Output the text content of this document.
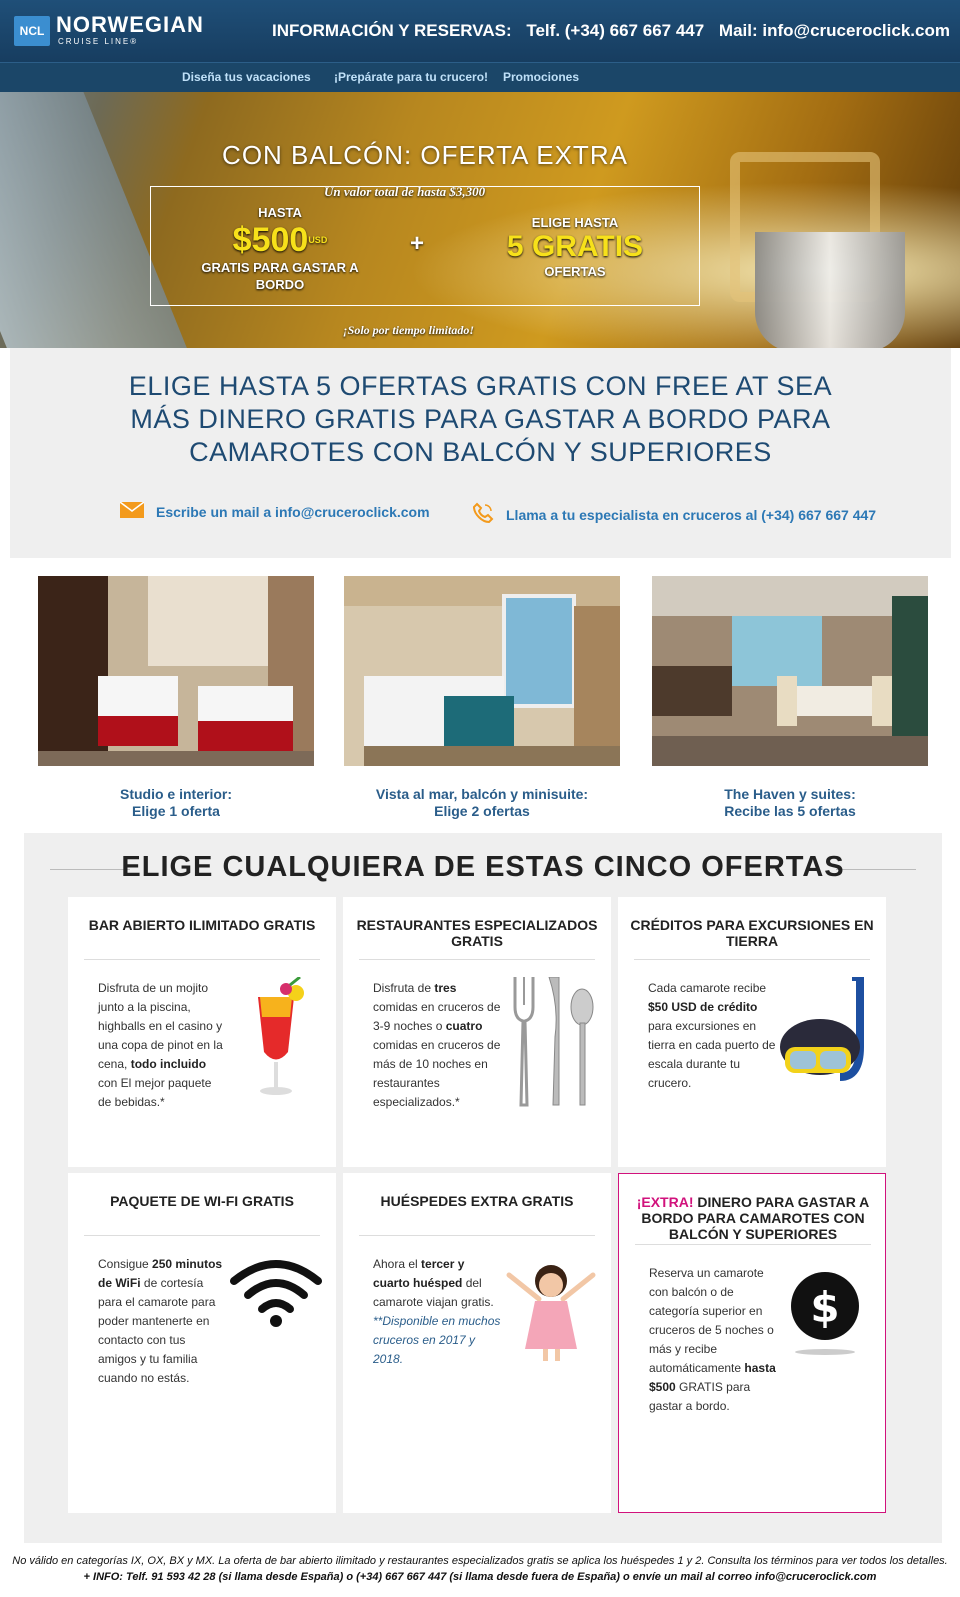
NCL NORWEGIAN
CRUISE LINE®
INFORMACIÓN Y RESERVAS: Telf. (+34) 667 667 447 Mail: info@cruceroclick.com
Diseña tus vacaciones ¡Prepárate para tu crucero! Promociones
CON BALCÓN: OFERTA EXTRA
Un valor total de hasta $3,300
HASTA
$\$500^{USD}$
GRATIS PARA GASTAR A BORDO
+
ELIGE HASTA
5 GRATIS
OFERTAS
¡Solo por tiempo limitado!
ELIGE HASTA 5 OFERTAS GRATIS CON FREE AT SEA
MÁS DINERO GRATIS PARA GASTAR A BORDO PARA
CAMAROTES CON BALCÓN Y SUPERIORES
Escribe un mail a info@cruceroclick.com	Llama a tu especialista en cruceros al (+34) 667 667 447
Studio e interior:
Elige 1 oferta
Vista al mar, balcón y minisuite:
Elige 2 ofertas
The Haven y suites:
Recibe las 5 ofertas
ELIGE CUALQUIERA DE ESTAS CINCO OFERTAS
BAR ABIERTO ILIMITADO GRATIS
Disfruta de un mojito junto a la piscina, highballs en el casino y una copa de pinot en la cena, todo incluido con El mejor paquete de bebidas.*
RESTAURANTES ESPECIALIZADOS GRATIS
Disfruta de tres comidas en cruceros de 3-9 noches o cuatro comidas en cruceros de más de 10 noches en restaurantes especializados.*
CRÉDITOS PARA EXCURSIONES EN TIERRA
Cada camarote recibe $50 USD de crédito para excursiones en tierra en cada puerto de escala durante tu crucero.
PAQUETE DE WI-FI GRATIS
Consigue 250 minutos de WiFi de cortesía para el camarote para poder mantenerte en contacto con tus amigos y tu familia cuando no estás.
HUÉSPEDES EXTRA GRATIS
Ahora el tercer y cuarto huésped del camarote viajan gratis.
**Disponible en muchos cruceros en 2017 y 2018.
¡EXTRA! DINERO PARA GASTAR A BORDO PARA CAMAROTES CON BALCÓN Y SUPERIORES
Reserva un camarote con balcón o de categoría superior en cruceros de 5 noches o más y recibe automáticamente hasta $500 GRATIS para gastar a bordo.
$
No válido en categorías IX, OX, BX y MX. La oferta de bar abierto ilimitado y restaurantes especializados gratis se aplica los huéspedes 1 y 2. Consulta los términos para ver todos los detalles.
+ INFO: Telf. 91 593 42 28 (si llama desde España) o (+34) 667 667 447 (si llama desde fuera de España) o envíe un mail al correo info@cruceroclick.com
